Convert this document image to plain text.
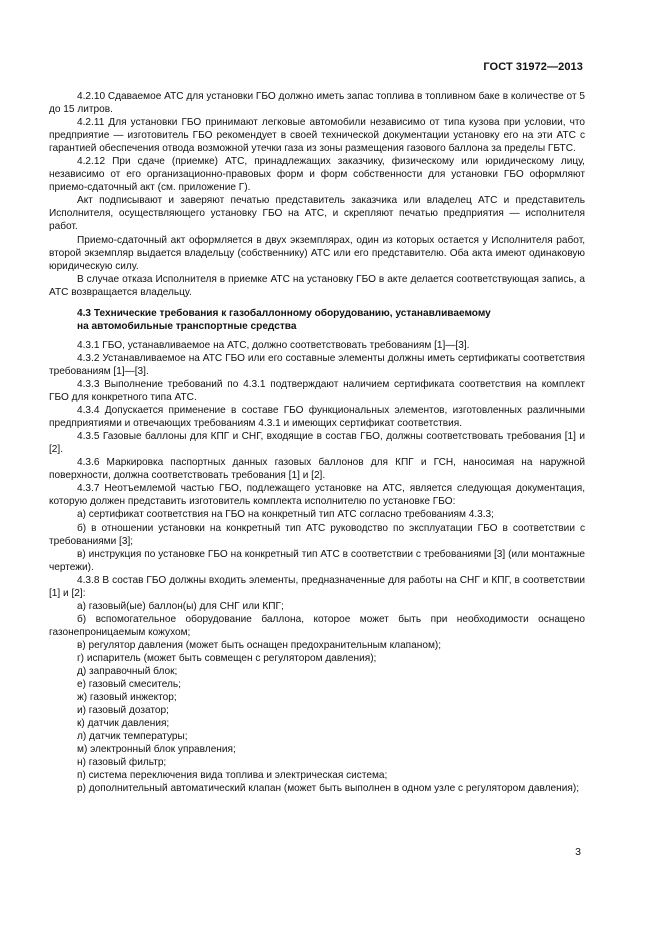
ГОСТ 31972—2013

4.2.10 Сдаваемое АТС для установки ГБО должно иметь запас топлива в топливном баке в количестве от 5 до 15 литров.

4.2.11 Для установки ГБО принимают легковые автомобили независимо от типа кузова при условии, что предприятие — изготовитель ГБО рекомендует в своей технической документации установку его на эти АТС с гарантией обеспечения отвода возможной утечки газа из зоны размещения газового баллона за пределы ГБТС.

4.2.12 При сдаче (приемке) АТС, принадлежащих заказчику, физическому или юридическому лицу, независимо от его организационно-правовых форм и форм собственности для установки ГБО оформляют приемо-сдаточный акт (см. приложение Г).

Акт подписывают и заверяют печатью представитель заказчика или владелец АТС и представитель Исполнителя, осуществляющего установку ГБО на АТС, и скрепляют печатью предприятия — исполнителя работ.

Приемо-сдаточный акт оформляется в двух экземплярах, один из которых остается у Исполнителя работ, второй экземпляр выдается владельцу (собственнику) АТС или его представителю. Оба акта имеют одинаковую юридическую силу.

В случае отказа Исполнителя в приемке АТС на установку ГБО в акте делается соответствующая запись, а АТС возвращается владельцу.

4.3 Технические требования к газобаллонному оборудованию, устанавливаемому
на автомобильные транспортные средства

4.3.1 ГБО, устанавливаемое на АТС, должно соответствовать требованиям [1]—[3].

4.3.2 Устанавливаемое на АТС ГБО или его составные элементы должны иметь сертификаты соответствия требованиям [1]—[3].

4.3.3 Выполнение требований по 4.3.1 подтверждают наличием сертификата соответствия на комплект ГБО для конкретного типа АТС.

4.3.4 Допускается применение в составе ГБО функциональных элементов, изготовленных различными предприятиями и отвечающих требованиям 4.3.1 и имеющих сертификат соответствия.

4.3.5 Газовые баллоны для КПГ и СНГ, входящие в состав ГБО, должны соответствовать требования [1] и [2].

4.3.6 Маркировка паспортных данных газовых баллонов для КПГ и ГСН, наносимая на наружной поверхности, должна соответствовать требования [1] и [2].

4.3.7 Неотъемлемой частью ГБО, подлежащего установке на АТС, является следующая документация, которую должен представить изготовитель комплекта исполнителю по установке ГБО:

а) сертификат соответствия на ГБО на конкретный тип АТС согласно требованиям 4.3.3;

б) в отношении установки на конкретный тип АТС руководство по эксплуатации ГБО в соответствии с требованиями [3];

в) инструкция по установке ГБО на конкретный тип АТС в соответствии с требованиями [3] (или монтажные чертежи).

4.3.8 В состав ГБО должны входить элементы, предназначенные для работы на СНГ и КПГ, в соответствии [1] и [2]:

а) газовый(ые) баллон(ы) для СНГ или КПГ;

б) вспомогательное оборудование баллона, которое может быть при необходимости оснащено газонепроницаемым кожухом;

в) регулятор давления (может быть оснащен предохранительным клапаном);

г) испаритель (может быть совмещен с регулятором давления);

д) заправочный блок;

е) газовый смеситель;

ж) газовый инжектор;

и) газовый дозатор;

к) датчик давления;

л) датчик температуры;

м) электронный блок управления;

н) газовый фильтр;

п) система переключения вида топлива и электрическая система;

р) дополнительный автоматический клапан (может быть выполнен в одном узле с регулятором давления);

3
